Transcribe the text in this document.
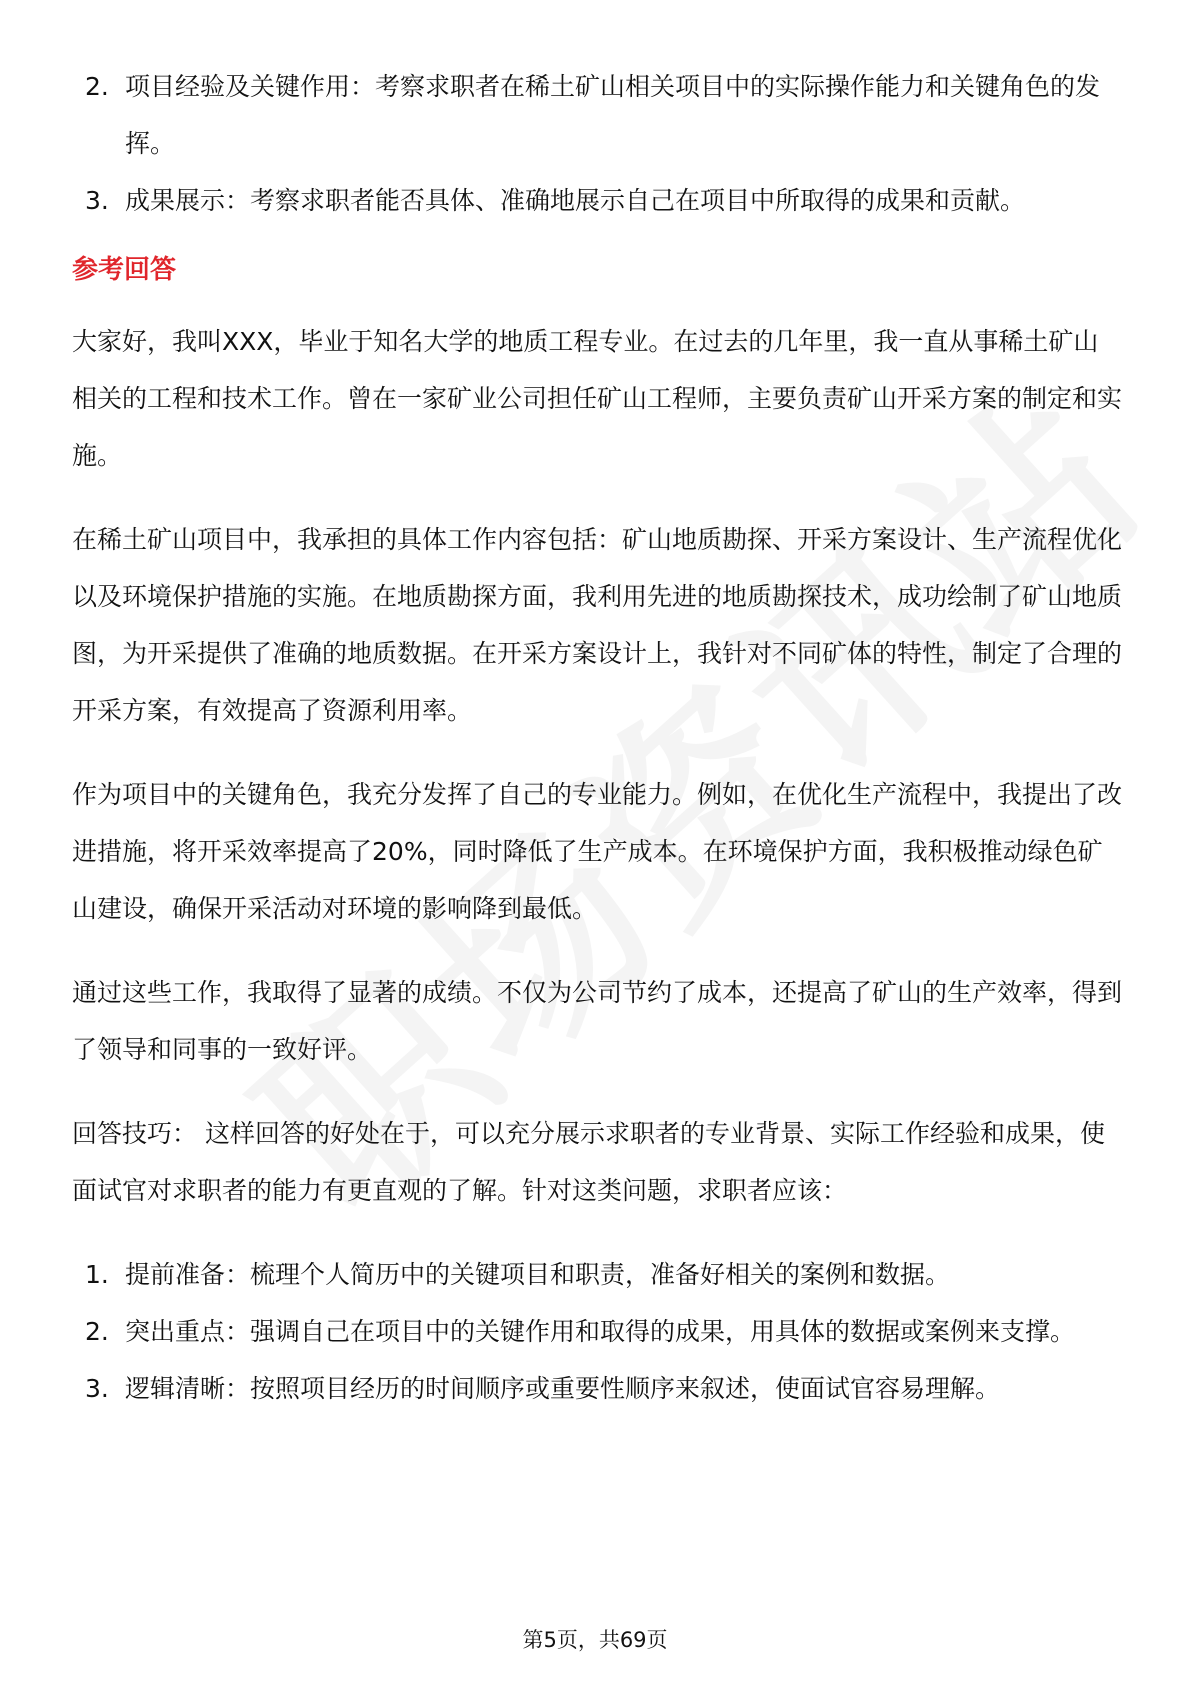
2. 项目经验及关键作用：考察求职者在稀土矿山相关项目中的实际操作能力和关键角色的发挥。
3. 成果展示：考察求职者能否具体、准确地展示自己在项目中所取得的成果和贡献。
参考回答

大家好，我叫XXX，毕业于知名大学的地质工程专业。在过去的几年里，我一直从事稀土矿山相关的工程和技术工作。曾在一家矿业公司担任矿山工程师，主要负责矿山开采方案的制定和实施。

在稀土矿山项目中，我承担的具体工作内容包括：矿山地质勘探、开采方案设计、生产流程优化以及环境保护措施的实施。在地质勘探方面，我利用先进的地质勘探技术，成功绘制了矿山地质图，为开采提供了准确的地质数据。在开采方案设计上，我针对不同矿体的特性，制定了合理的开采方案，有效提高了资源利用率。

作为项目中的关键角色，我充分发挥了自己的专业能力。例如，在优化生产流程中，我提出了改进措施，将开采效率提高了20%，同时降低了生产成本。在环境保护方面，我积极推动绿色矿山建设，确保开采活动对环境的影响降到最低。

通过这些工作，我取得了显著的成绩。不仅为公司节约了成本，还提高了矿山的生产效率，得到了领导和同事的一致好评。

回答技巧： 这样回答的好处在于，可以充分展示求职者的专业背景、实际工作经验和成果，使面试官对求职者的能力有更直观的了解。针对这类问题，求职者应该：

1. 提前准备：梳理个人简历中的关键项目和职责，准备好相关的案例和数据。
2. 突出重点：强调自己在项目中的关键作用和取得的成果，用具体的数据或案例来支撑。
3. 逻辑清晰：按照项目经历的时间顺序或重要性顺序来叙述，使面试官容易理解。
第5页，共69页
